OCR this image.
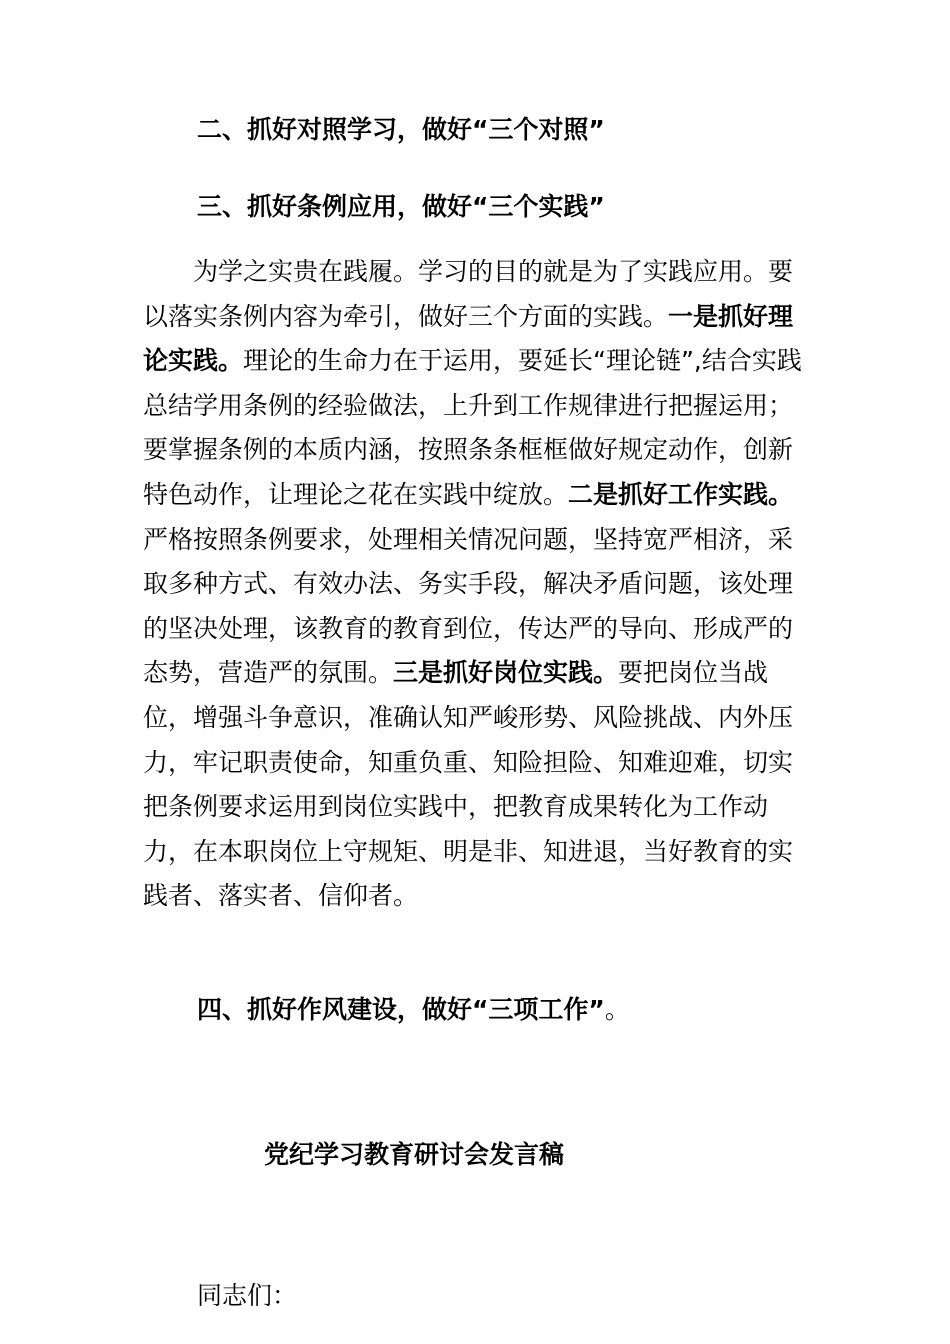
二、抓好对照学习，做好“三个对照”
三、抓好条例应用，做好“三个实践”

为学之实贵在践履。学习的目的就是为了实践应用。要以落实条例内容为牵引，做好三个方面的实践。一是抓好理论实践。理论的生命力在于运用，要延长“理论链”,结合实践总结学用条例的经验做法，上升到工作规律进行把握运用；要掌握条例的本质内涵，按照条条框框做好规定动作，创新特色动作，让理论之花在实践中绽放。二是抓好工作实践。严格按照条例要求，处理相关情况问题，坚持宽严相济，采取多种方式、有效办法、务实手段，解决矛盾问题，该处理的坚决处理，该教育的教育到位，传达严的导向、形成严的态势，营造严的氛围。三是抓好岗位实践。要把岗位当战位，增强斗争意识，准确认知严峻形势、风险挑战、内外压力，牢记职责使命，知重负重、知险担险、知难迎难，切实把条例要求运用到岗位实践中，把教育成果转化为工作动力，在本职岗位上守规矩、明是非、知进退，当好教育的实践者、落实者、信仰者。

四、抓好作风建设，做好“三项工作”。
党纪学习教育研讨会发言稿

同志们：
